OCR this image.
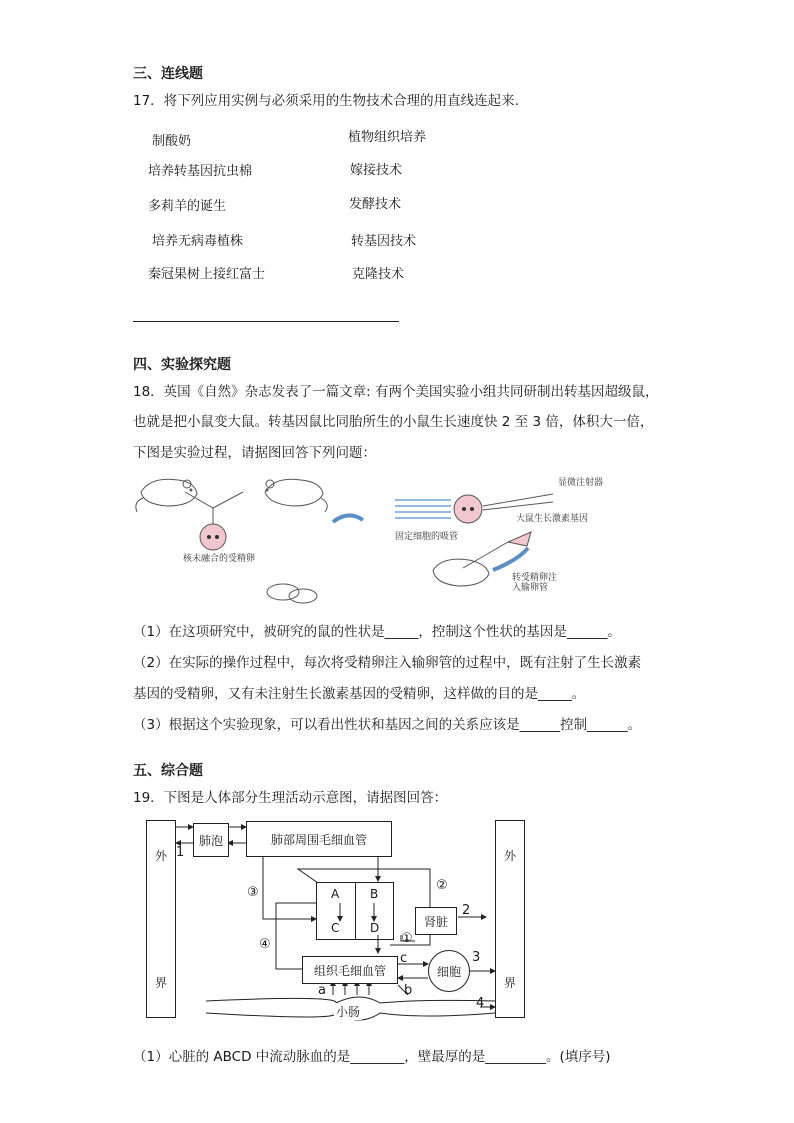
三、连线题
17．将下列应用实例与必须采用的生物技术合理的用直线连起来.
制酸奶
培养转基因抗虫棉
多莉羊的诞生
培养无病毒植株
秦冠果树上接红富士
植物组织培养
嫁接技术
发酵技术
转基因技术
克隆技术
四、实验探究题
18．英国《自然》杂志发表了一篇文章: 有两个美国实验小组共同研制出转基因超级鼠，
也就是把小鼠变大鼠。转基因鼠比同胎所生的小鼠生长速度快 2 至 3 倍，体积大一倍，
下图是实验过程，请据图回答下列问题：
核未融合的受精卵
固定细胞的吸管
显微注射器
大鼠生长激素基因
转受精卵注
入输卵管
（1）在这项研究中，被研究的鼠的性状是_____，控制这个性状的基因是______。
（2）在实际的操作过程中，每次将受精卵注入输卵管的过程中，既有注射了生长激素
基因的受精卵，又有未注射生长激素基因的受精卵，这样做的目的是_____。
（3）根据这个实验现象，可以看出性状和基因之间的关系应该是______控制______。
五、综合题
19．下图是人体部分生理活动示意图，请据图回答：
外
界
外
界
肺泡	肺部周围毛细血管
A	B
C	D	肾脏
组织毛细血管	细胞
小肠
1
2
3
4
①
②
③
④
a	b
c
（1）心脏的 ABCD 中流动脉血的是________，壁最厚的是_________。(填序号)
